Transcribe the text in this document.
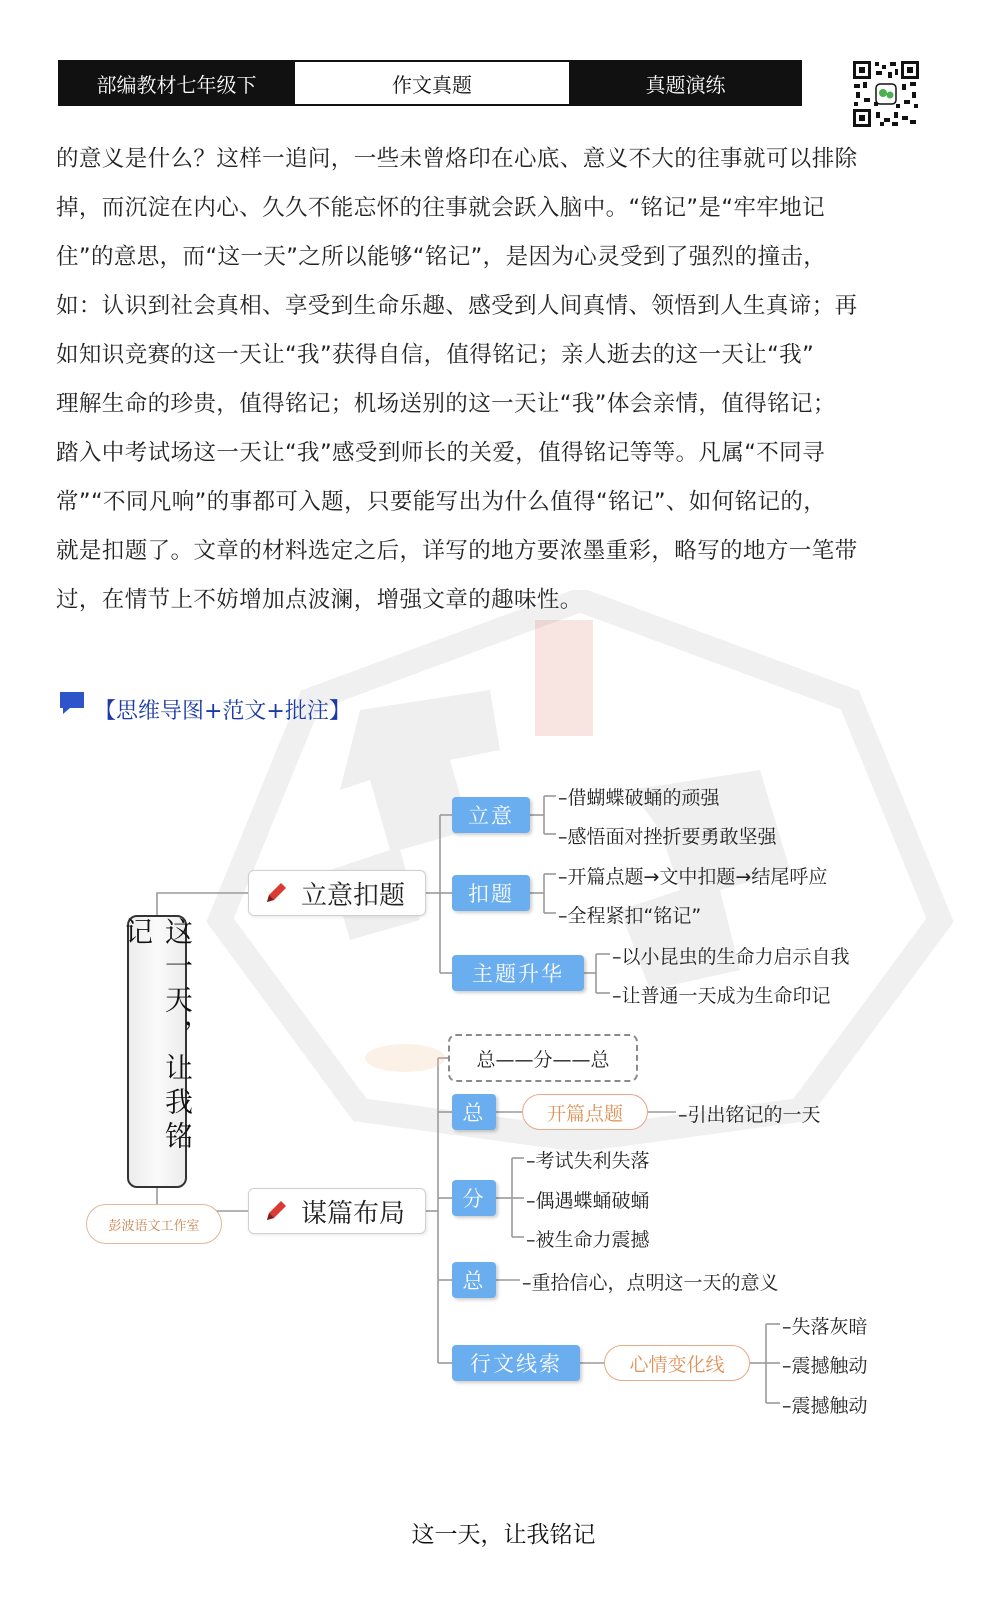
部编教材七年级下	作文真题	真题演练

的意义是什么？这样一追问，一些未曾烙印在心底、意义不大的往事就可以排除

掉，而沉淀在内心、久久不能忘怀的往事就会跃入脑中。“铭记”是“牢牢地记

住”的意思，而“这一天”之所以能够“铭记”，是因为心灵受到了强烈的撞击，

如：认识到社会真相、享受到生命乐趣、感受到人间真情、领悟到人生真谛；再

如知识竞赛的这一天让“我”获得自信，值得铭记；亲人逝去的这一天让“我”

理解生命的珍贵，值得铭记；机场送别的这一天让“我”体会亲情，值得铭记；

踏入中考试场这一天让“我”感受到师长的关爱，值得铭记等等。凡属“不同寻

常”“不同凡响”的事都可入题，只要能写出为什么值得“铭记”、如何铭记的，

就是扣题了。文章的材料选定之后，详写的地方要浓墨重彩，略写的地方一笔带

过，在情节上不妨增加点波澜，增强文章的趣味性。

【思维导图+范文+批注】
这一天，让我铭记
彭波语文工作室
立意扣题
立意
–借蝴蝶破蛹的顽强
–感悟面对挫折要勇敢坚强
扣题
–开篇点题→文中扣题→结尾呼应
–全程紧扣“铭记”
主题升华
–以小昆虫的生命力启示自我
–让普通一天成为生命印记
谋篇布局
总——分——总
总	开篇点题	–引出铭记的一天
分
–考试失利失落
–偶遇蝶蛹破蛹
–被生命力震撼
总	–重拾信心，点明这一天的意义
行文线索	心情变化线
–失落灰暗
–震撼触动
–震撼触动
这一天，让我铭记
